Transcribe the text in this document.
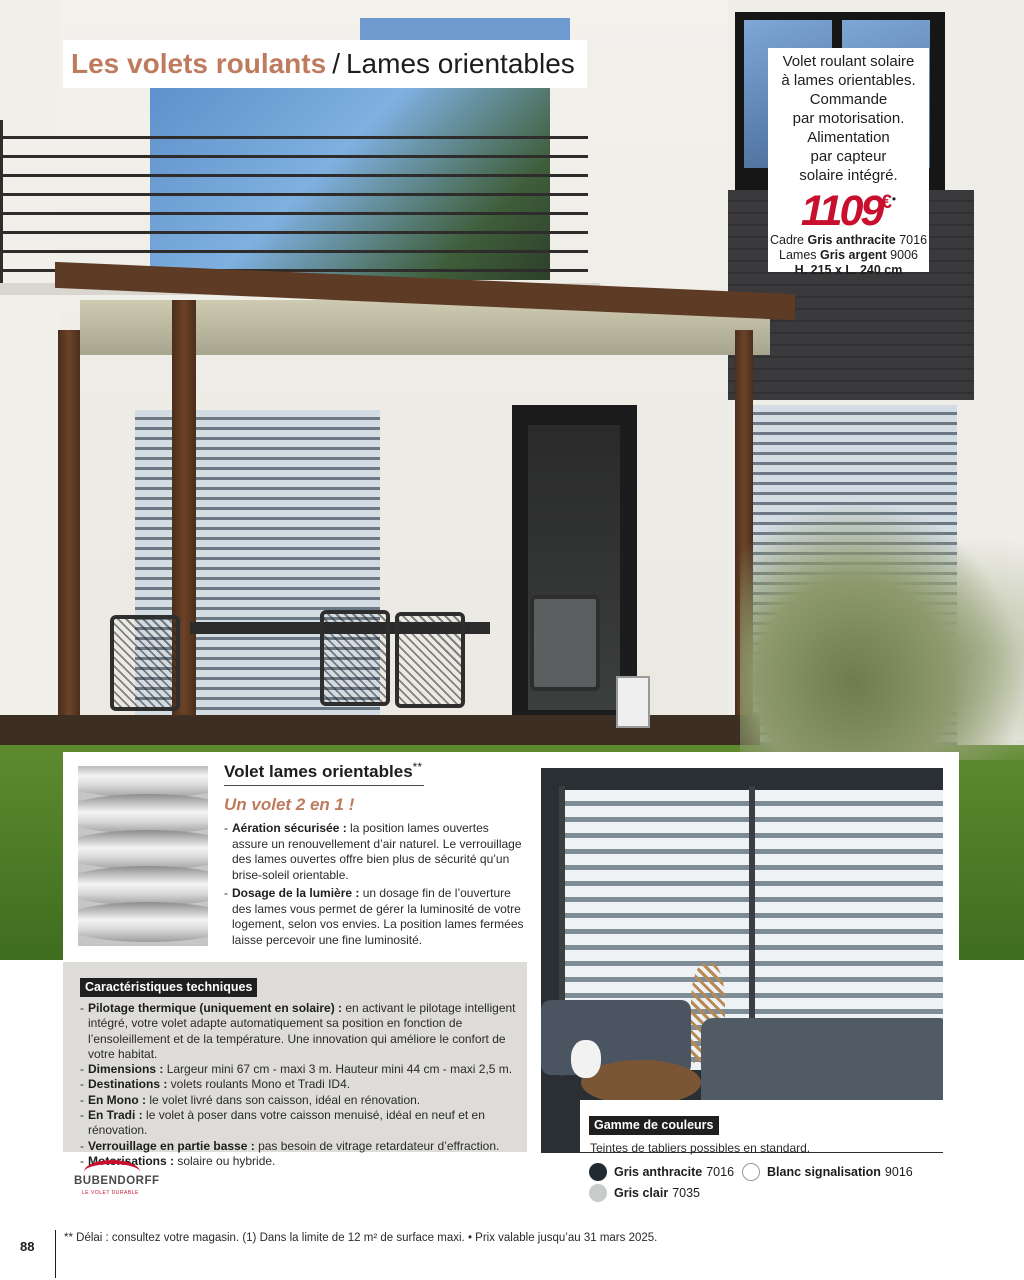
Les volets roulants / Lames orientables	Volet roulant solaire
à lames orientables.
Commande
par motorisation.
Alimentation
par capteur
solaire intégré.
1109€•
Cadre Gris anthracite 7016
Lames Gris argent 9006
H. 215 x L. 240 cm
Volet lames orientables**
Un volet 2 en 1 !
- Aération sécurisée : la position lames ouvertes assure un renouvellement d’air naturel. Le verrouillage des lames ouvertes offre bien plus de sécurité qu’un brise-soleil orientable.
- Dosage de la lumière : un dosage fin de l’ouverture des lames vous permet de gérer la luminosité de votre logement, selon vos envies. La position lames fermées laisse percevoir une fine luminosité.
Caractéristiques techniques
- Pilotage thermique (uniquement en solaire) : en activant le pilotage intelligent intégré, votre volet adapte automatiquement sa position en fonction de l’ensoleillement et de la température. Une innovation qui améliore le confort de votre habitat.
- Dimensions : Largeur mini 67 cm - maxi 3 m. Hauteur mini 44 cm - maxi 2,5 m.
- Destinations : volets roulants Mono et Tradi ID4.
- En Mono : le volet livré dans son caisson, idéal en rénovation.
- En Tradi : le volet à poser dans votre caisson menuisé, idéal en neuf et en rénovation.
- Verrouillage en partie basse : pas besoin de vitrage retardateur d’effraction.
- Motorisations : solaire ou hybride.
BUBENDORFF
LE VOLET DURABLE
Gamme de couleurs
Teintes de tabliers possibles en standard.
Gris anthracite 7016	Blanc signalisation 9016
Gris clair 7035
88
** Délai : consultez votre magasin. (1) Dans la limite de 12 m² de surface maxi. • Prix valable jusqu’au 31 mars 2025.
